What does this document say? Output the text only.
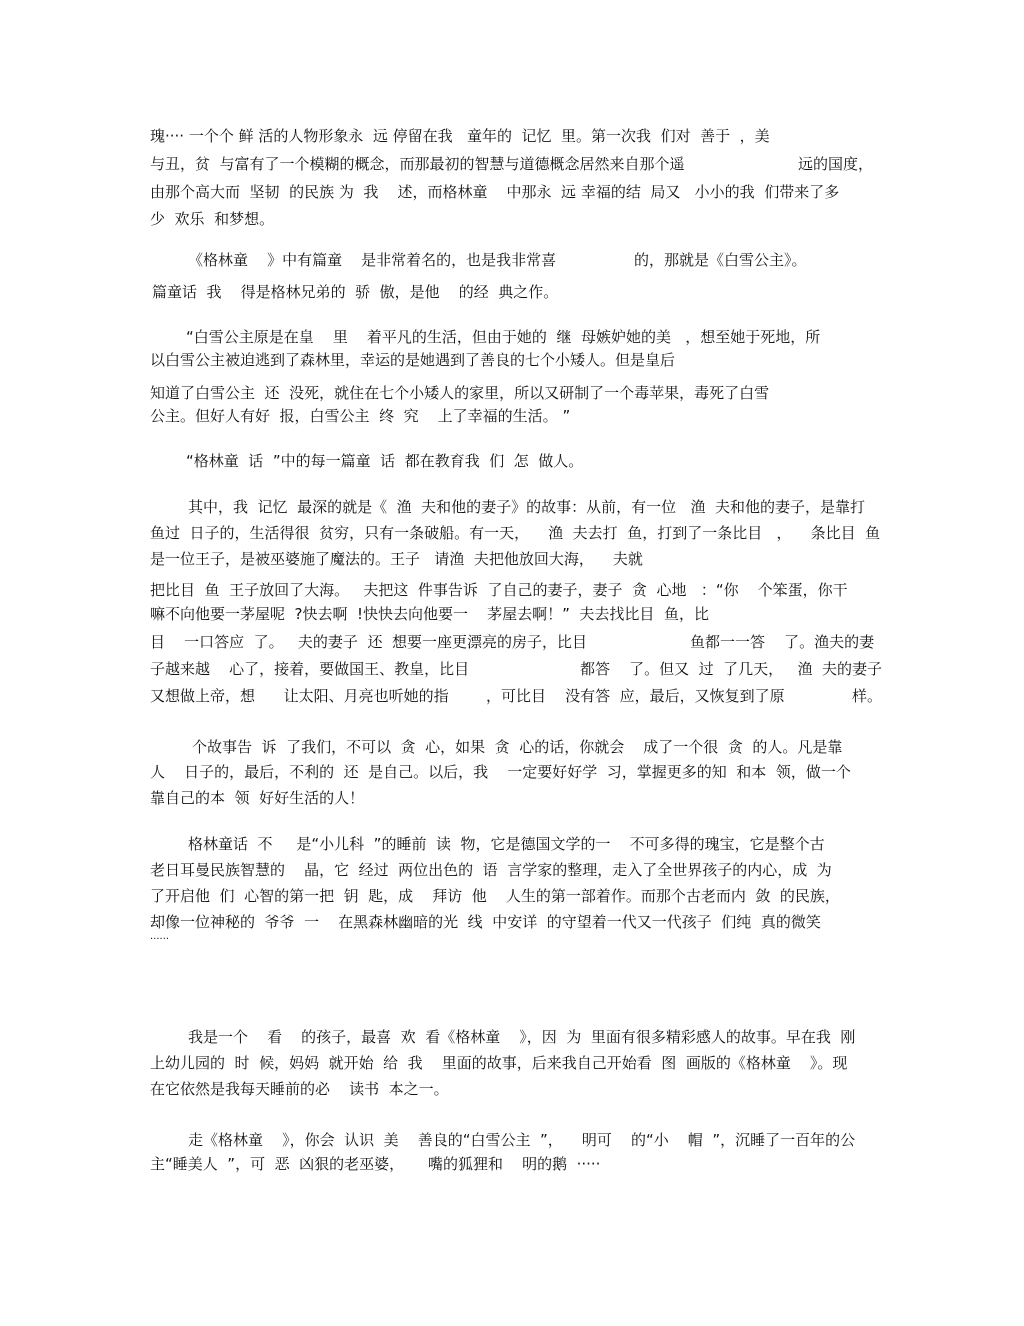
瑰···· 一个个 鲜 活的人物形象永  远 停留在我   童年的  记忆  里。第一次我  们对  善于  ，美
与丑，贫  与富有了一个模糊的概念，而那最初的智慧与道德概念居然来自那个遥	远的国度，
由那个高大而  坚韧  的民族 为  我    述，而格林童    中那永  远 幸福的结  局又   小小的我  们带来了多
少  欢乐  和梦想。
《格林童    》中有篇童    是非常着名的，也是我非常喜	的，那就是《白雪公主》。
篇童话  我    得是格林兄弟的  骄  傲，是他    的经  典之作。
“白雪公主原是在皇    里    着平凡的生活，但由于她的  继  母嫉妒她的美   ，想至她于死地，所
以白雪公主被迫逃到了森林里，幸运的是她遇到了善良的七个小矮人。但是皇后
知道了白雪公主  还  没死，就住在七个小矮人的家里，所以又研制了一个毒苹果，毒死了白雪
公主。但好人有好  报，白雪公主  终  究    上了幸福的生活。 ”
“格林童  话  ”中的每一篇童  话  都在教育我  们  怎  做人。
其中，我  记忆  最深的就是《  渔  夫和他的妻子》的故事：从前，有一位   渔  夫和他的妻子，是靠打
鱼过  日子的，生活得很  贫穷，只有一条破船。有一天，    渔  夫去打  鱼，打到了一条比目   ，    条比目  鱼
是一位王子，是被巫婆施了魔法的。王子   请渔  夫把他放回大海，    夫就
把比目  鱼  王子放回了大海。   夫把这  件事告诉  了自己的妻子，妻子  贪  心地   ：“你    个笨蛋，你干
嘛不向他要一茅屋呢  ?快去啊  !快快去向他要一    茅屋去啊！”  夫去找比目  鱼，比
目    一口答应  了。   夫的妻子  还  想要一座更漂亮的房子，比目	鱼都一一答    了。渔夫的妻
子越来越    心了，接着，要做国王、教皇，比目	都答    了。但又  过  了几天，   渔  夫的妻子
又想做上帝，想      让太阳、月亮也听她的指 ，可比目    没有答  应，最后，又恢复到了原	样。
个故事告  诉  了我们，不可以  贪  心，如果  贪  心的话，你就会    成了一个很  贪  的人。凡是靠
人    日子的，最后，不利的  还  是自己。以后，我    一定要好好学  习，掌握更多的知  和本  领，做一个
靠自己的本  领  好好生活的人！
格林童话  不     是“小儿科  ”的睡前  读  物，它是德国文学的一    不可多得的瑰宝，它是整个古
老日耳曼民族智慧的    晶，它  经过  两位出色的  语  言学家的整理，走入了全世界孩子的内心，成  为
了开启他  们  心智的第一把  钥  匙，成    拜访  他    人生的第一部着作。而那个古老而内  敛  的民族，
却像一位神秘的  爷爷  一    在黑森林幽暗的光  线  中安详  的守望着一代又一代孩子  们纯  真的微笑
······
我是一个    看    的孩子，最喜  欢  看《格林童    》，因  为  里面有很多精彩感人的故事。早在我  刚
上幼儿园的  时  候，妈妈  就开始  给  我    里面的故事，后来我自己开始看  图  画版的《格林童    》。现
在它依然是我每天睡前的必    读书  本之一。
走《格林童    》，你会  认识  美    善良的“白雪公主  ”，    明可    的“小    帽  ”，沉睡了一百年的公
主“睡美人  ”，可  恶  凶狠的老巫婆，     嘴的狐狸和    明的鹅  ·····
